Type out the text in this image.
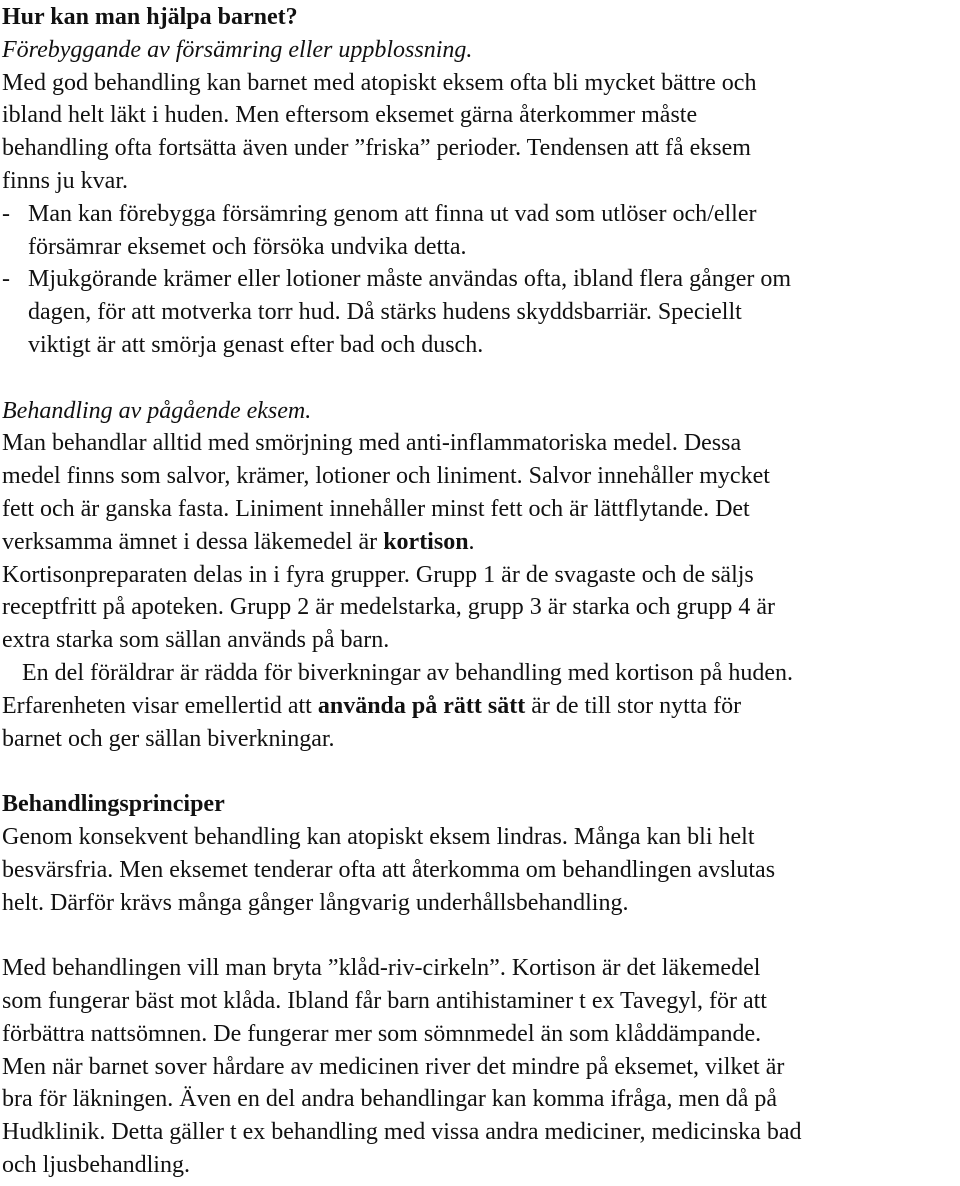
Hur kan man hjälpa barnet?
Förebyggande av försämring eller uppblossning.
Med god behandling kan barnet med atopiskt eksem ofta bli mycket bättre och
ibland helt läkt i huden. Men eftersom eksemet gärna återkommer måste
behandling ofta fortsätta även under ”friska” perioder. Tendensen att få eksem
finns ju kvar.
- Man kan förebygga försämring genom att finna ut vad som utlöser och/eller
försämrar eksemet och försöka undvika detta.
- Mjukgörande krämer eller lotioner måste användas ofta, ibland flera gånger om
dagen, för att motverka torr hud. Då stärks hudens skyddsbarriär. Speciellt
viktigt är att smörja genast efter bad och dusch.
Behandling av pågående eksem.
Man behandlar alltid med smörjning med anti-inflammatoriska medel. Dessa
medel finns som salvor, krämer, lotioner och liniment. Salvor innehåller mycket
fett och är ganska fasta. Liniment innehåller minst fett och är lättflytande. Det
verksamma ämnet i dessa läkemedel är kortison.
Kortisonpreparaten delas in i fyra grupper. Grupp 1 är de svagaste och de säljs
receptfritt på apoteken. Grupp 2 är medelstarka, grupp 3 är starka och grupp 4 är
extra starka som sällan används på barn.
En del föräldrar är rädda för biverkningar av behandling med kortison på huden.
Erfarenheten visar emellertid att använda på rätt sätt är de till stor nytta för
barnet och ger sällan biverkningar.
Behandlingsprinciper
Genom konsekvent behandling kan atopiskt eksem lindras. Många kan bli helt
besvärsfria. Men eksemet tenderar ofta att återkomma om behandlingen avslutas
helt. Därför krävs många gånger långvarig underhållsbehandling.
Med behandlingen vill man bryta ”klåd-riv-cirkeln”. Kortison är det läkemedel
som fungerar bäst mot klåda. Ibland får barn antihistaminer t ex Tavegyl, för att
förbättra nattsömnen. De fungerar mer som sömnmedel än som klåddämpande.
Men när barnet sover hårdare av medicinen river det mindre på eksemet, vilket är
bra för läkningen. Även en del andra behandlingar kan komma ifråga, men då på
Hudklinik. Detta gäller t ex behandling med vissa andra mediciner, medicinska bad
och ljusbehandling.
